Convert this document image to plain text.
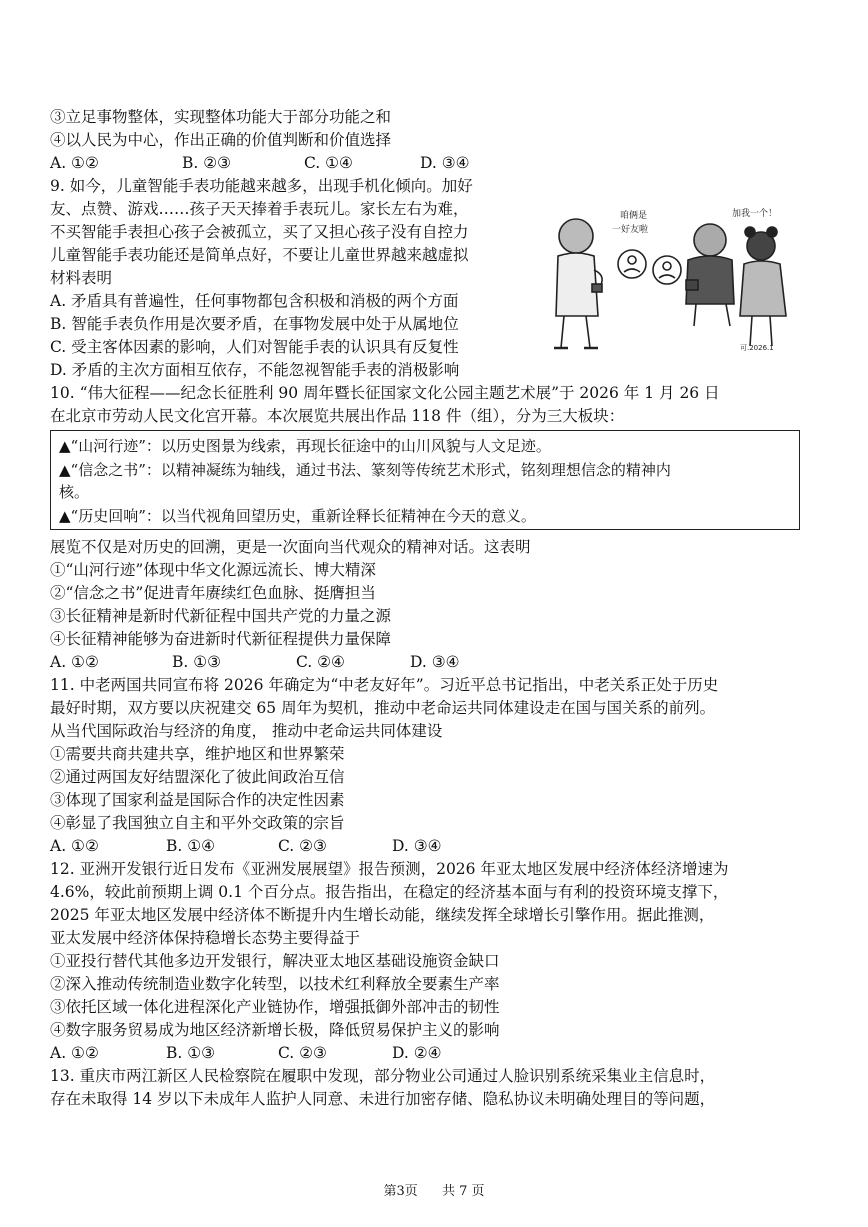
③立足事物整体，实现整体功能大于部分功能之和
④以人民为中心，作出正确的价值判断和价值选择
A. ①②	B. ②③	C. ①④	D. ③④
9. 如今，儿童智能手表功能越来越多，出现手机化倾向。加好
友、点赞、游戏……孩子天天捧着手表玩儿。家长左右为难，
不买智能手表担心孩子会被孤立，买了又担心孩子没有自控力
儿童智能手表功能还是简单点好，不要让儿童世界越来越虚拟
材料表明
A. 矛盾具有普遍性，任何事物都包含积极和消极的两个方面
B. 智能手表负作用是次要矛盾，在事物发展中处于从属地位
C. 受主客体因素的影响，人们对智能手表的认识具有反复性
D. 矛盾的主次方面相互依存，不能忽视智能手表的消极影响
咱俩是
一好友啦
加我一个！
可.2026.1
10. “伟大征程——纪念长征胜利 90 周年暨长征国家文化公园主题艺术展”于 2026 年 1 月 26 日
在北京市劳动人民文化宫开幕。本次展览共展出作品 118 件（组），分为三大板块：
▲“山河行迹”：以历史图景为线索，再现长征途中的山川风貌与人文足迹。
▲“信念之书”：以精神凝练为轴线，通过书法、篆刻等传统艺术形式，铭刻理想信念的精神内
核。
▲“历史回响”：以当代视角回望历史，重新诠释长征精神在今天的意义。
展览不仅是对历史的回溯，更是一次面向当代观众的精神对话。这表明
①“山河行迹”体现中华文化源远流长、博大精深
②“信念之书”促进青年赓续红色血脉、挺膺担当
③长征精神是新时代新征程中国共产党的力量之源
④长征精神能够为奋进新时代新征程提供力量保障
A. ①②	B. ①③	C. ②④	D. ③④
11. 中老两国共同宣布将 2026 年确定为“中老友好年”。习近平总书记指出，中老关系正处于历史
最好时期，双方要以庆祝建交 65 周年为契机，推动中老命运共同体建设走在国与国关系的前列。
从当代国际政治与经济的角度， 推动中老命运共同体建设
①需要共商共建共享，维护地区和世界繁荣
②通过两国友好结盟深化了彼此间政治互信
③体现了国家利益是国际合作的决定性因素
④彰显了我国独立自主和平外交政策的宗旨
A. ①②	B. ①④	C. ②③	D. ③④
12. 亚洲开发银行近日发布《亚洲发展展望》报告预测，2026 年亚太地区发展中经济体经济增速为
4.6%，较此前预期上调 0.1 个百分点。报告指出，在稳定的经济基本面与有利的投资环境支撑下，
2025 年亚太地区发展中经济体不断提升内生增长动能，继续发挥全球增长引擎作用。据此推测，
亚太发展中经济体保持稳增长态势主要得益于
①亚投行替代其他多边开发银行，解决亚太地区基础设施资金缺口
②深入推动传统制造业数字化转型，以技术红利释放全要素生产率
③依托区域一体化进程深化产业链协作，增强抵御外部冲击的韧性
④数字服务贸易成为地区经济新增长极，降低贸易保护主义的影响
A. ①②	B. ①③	C. ②③	D. ②④
13. 重庆市两江新区人民检察院在履职中发现，部分物业公司通过人脸识别系统采集业主信息时，
存在未取得 14 岁以下未成年人监护人同意、未进行加密存储、隐私协议未明确处理目的等问题，
第3页 共 7 页
